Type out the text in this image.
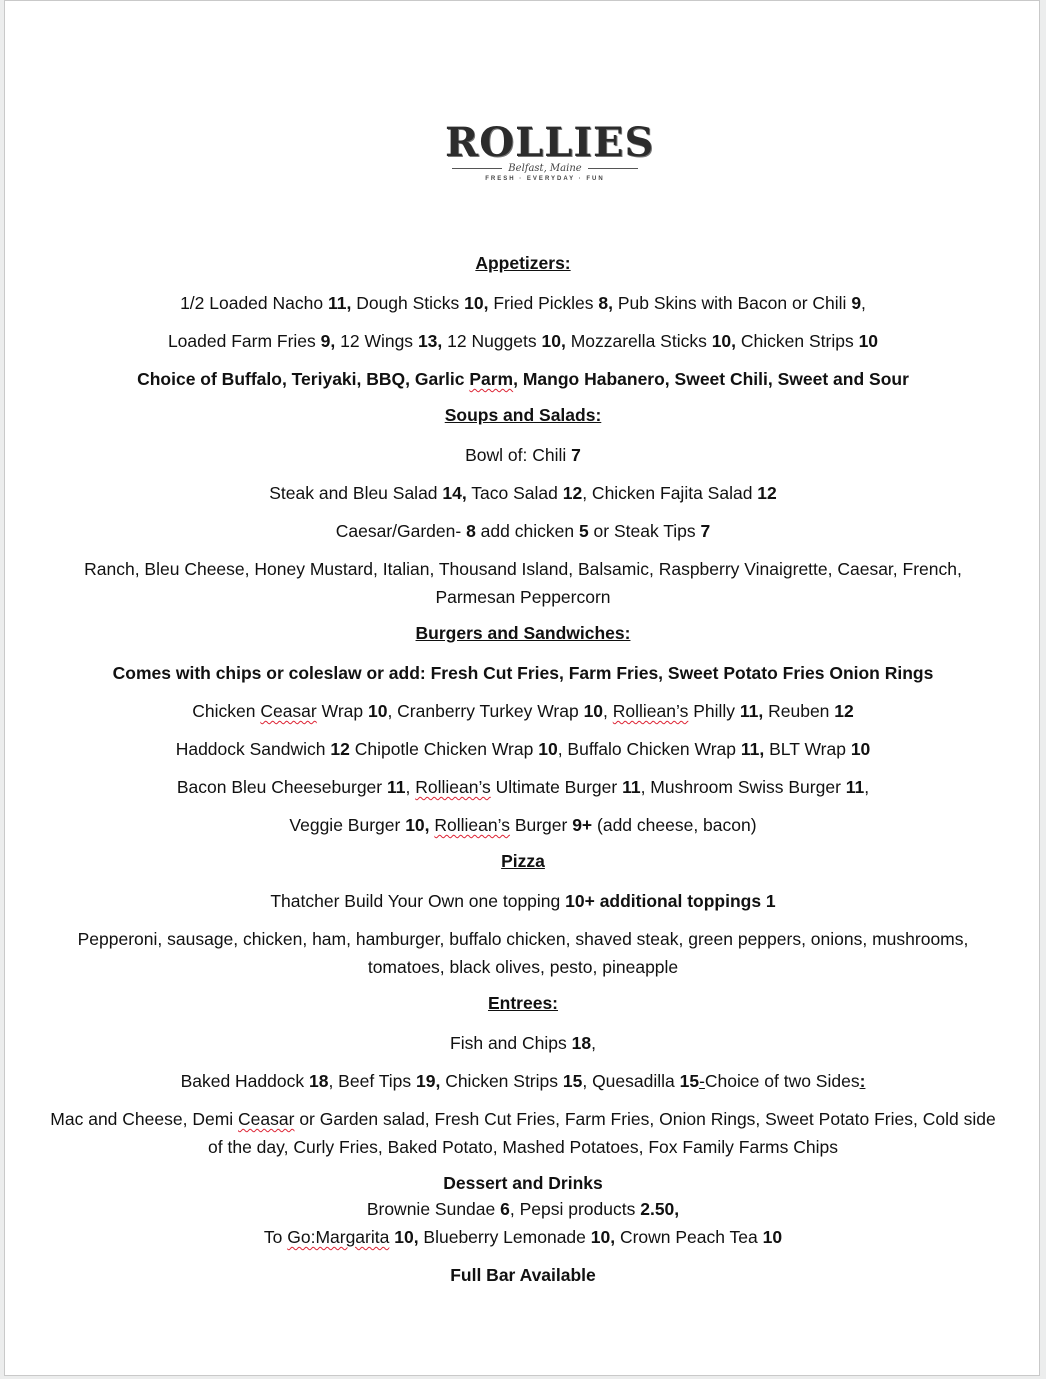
ROLLIES
Belfast, Maine
FRESH · EVERYDAY · FUN
Appetizers:
1/2 Loaded Nacho 11, Dough Sticks 10, Fried Pickles 8, Pub Skins with Bacon or Chili 9,
Loaded Farm Fries 9, 12 Wings 13, 12 Nuggets 10, Mozzarella Sticks 10, Chicken Strips 10
Choice of Buffalo, Teriyaki, BBQ, Garlic Parm, Mango Habanero, Sweet Chili, Sweet and Sour
Soups and Salads:
Bowl of: Chili 7
Steak and Bleu Salad 14, Taco Salad 12, Chicken Fajita Salad 12
Caesar/Garden- 8 add chicken 5 or Steak Tips 7
Ranch, Bleu Cheese, Honey Mustard, Italian, Thousand Island, Balsamic, Raspberry Vinaigrette, Caesar, French, Parmesan Peppercorn
Burgers and Sandwiches:
Comes with chips or coleslaw or add: Fresh Cut Fries, Farm Fries, Sweet Potato Fries Onion Rings
Chicken Ceasar Wrap 10, Cranberry Turkey Wrap 10, Rolliean’s Philly 11, Reuben 12
Haddock Sandwich 12 Chipotle Chicken Wrap 10, Buffalo Chicken Wrap 11, BLT Wrap 10
Bacon Bleu Cheeseburger 11, Rolliean’s Ultimate Burger 11, Mushroom Swiss Burger 11,
Veggie Burger 10, Rolliean’s Burger 9+ (add cheese, bacon)
Pizza
Thatcher Build Your Own one topping 10+ additional toppings 1
Pepperoni, sausage, chicken, ham, hamburger, buffalo chicken, shaved steak, green peppers, onions, mushrooms, tomatoes, black olives, pesto, pineapple
Entrees:
Fish and Chips 18,
Baked Haddock 18, Beef Tips 19, Chicken Strips 15, Quesadilla 15-Choice of two Sides:
Mac and Cheese, Demi Ceasar or Garden salad, Fresh Cut Fries, Farm Fries, Onion Rings, Sweet Potato Fries, Cold side of the day, Curly Fries, Baked Potato, Mashed Potatoes, Fox Family Farms Chips
Dessert and Drinks
Brownie Sundae 6, Pepsi products 2.50,
To Go:Margarita 10, Blueberry Lemonade 10, Crown Peach Tea 10
Full Bar Available
